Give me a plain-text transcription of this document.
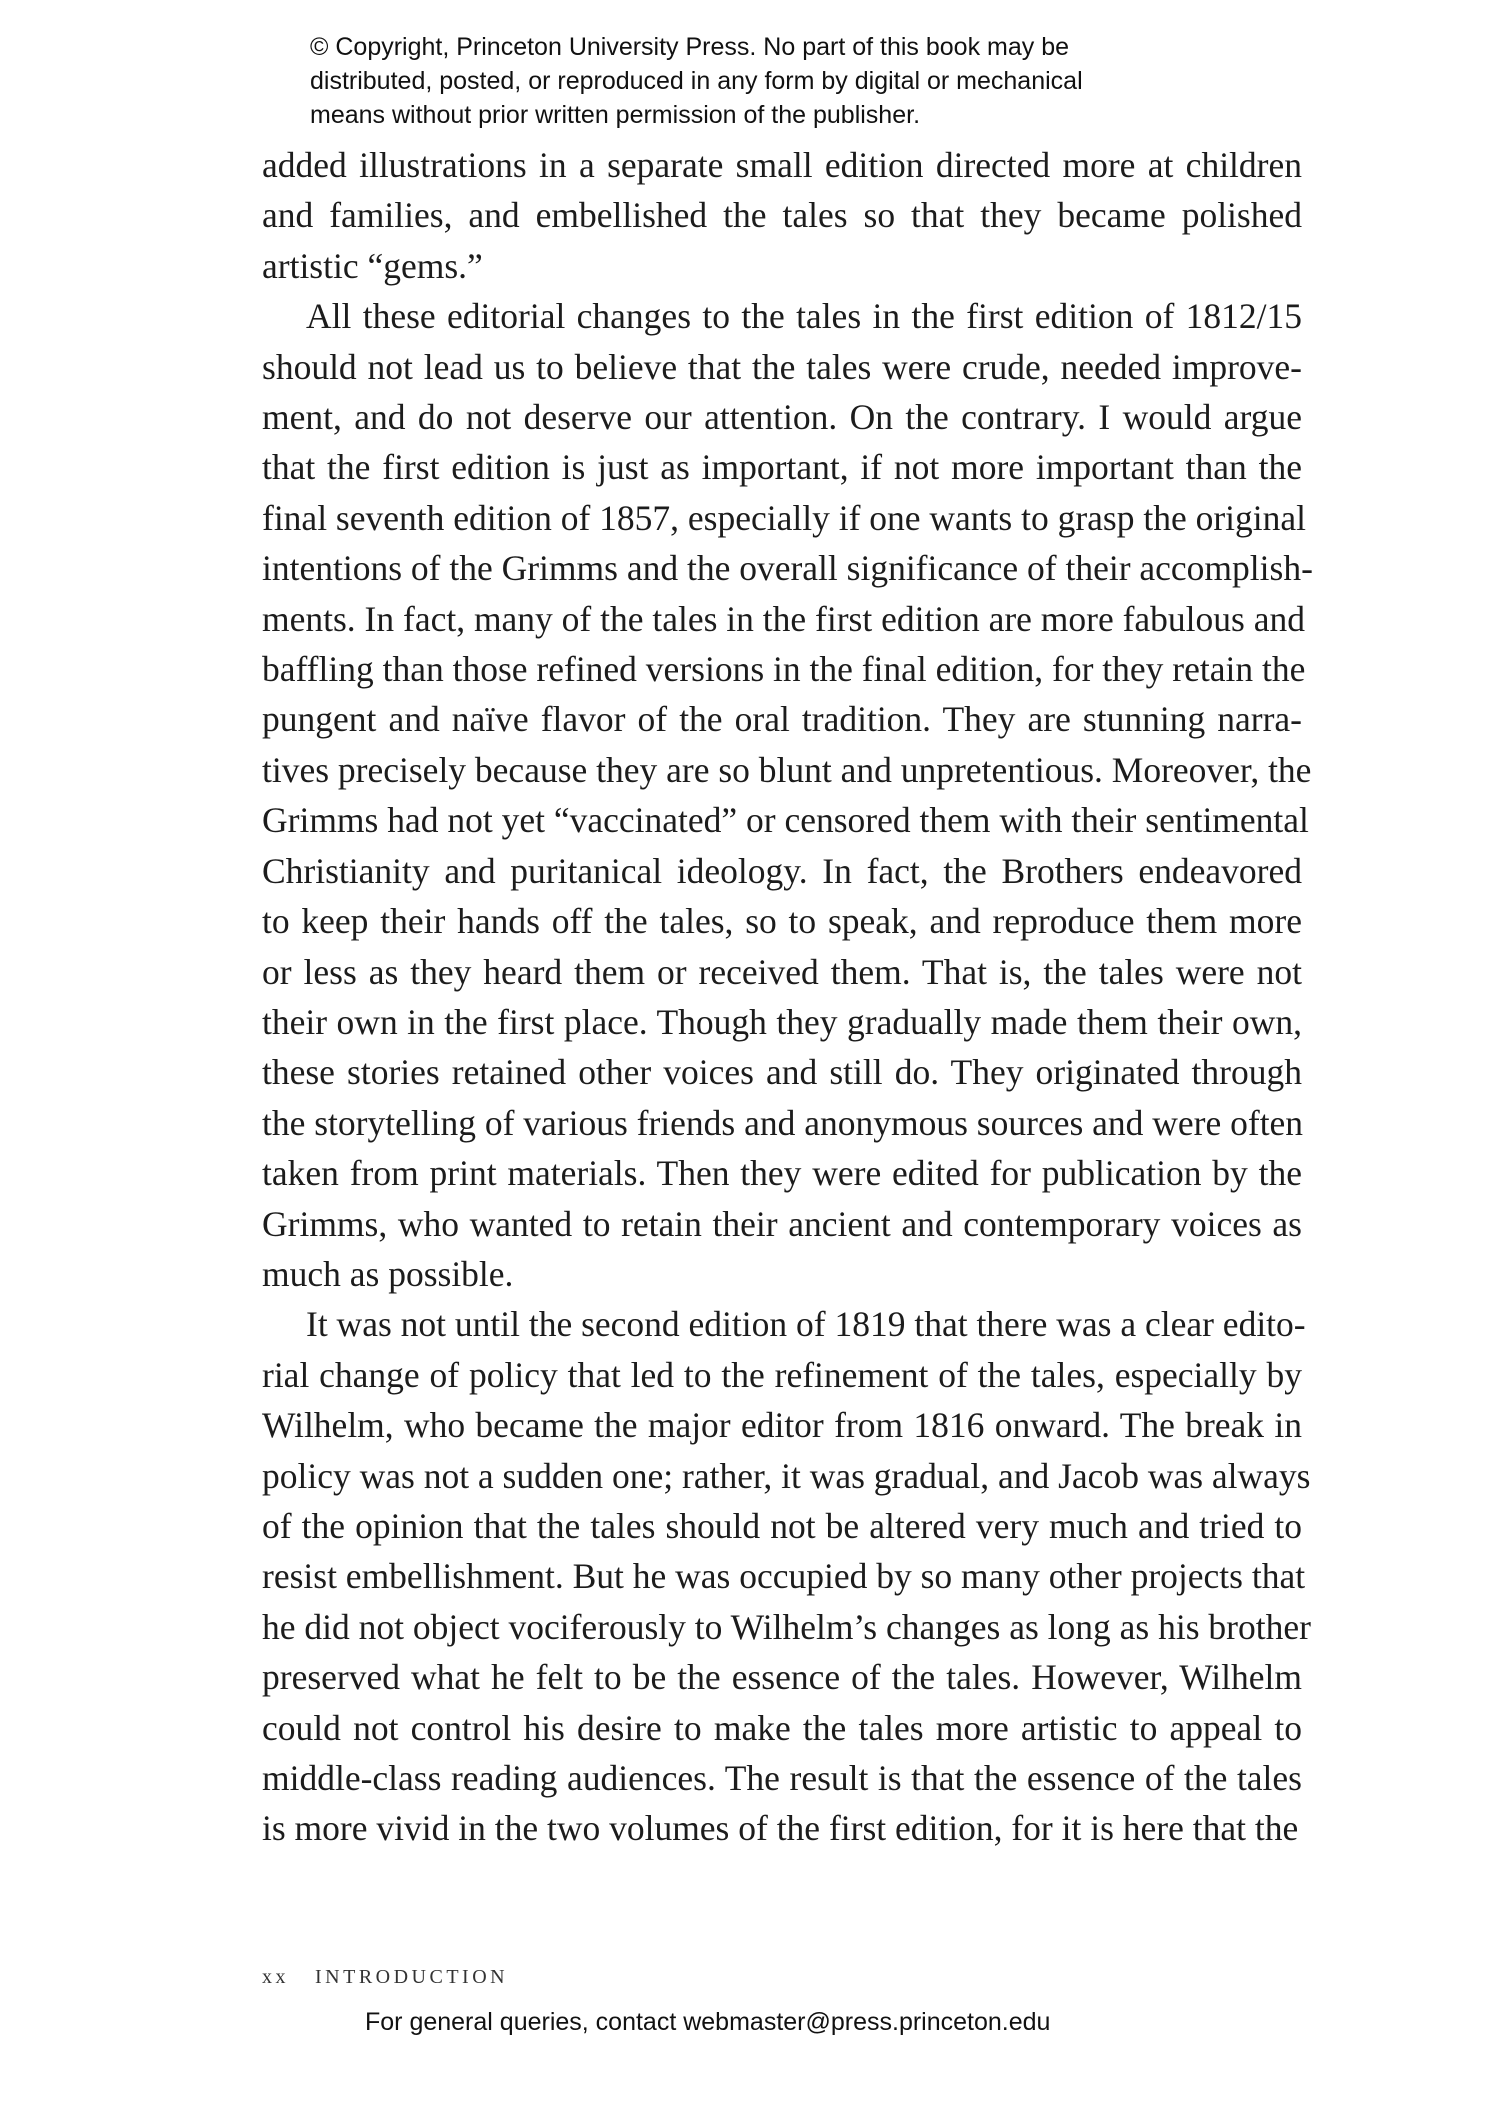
© Copyright, Princeton University Press. No part of this book may be

distributed, posted, or reproduced in any form by digital or mechanical

means without prior written permission of the publisher.

added illustrations in a separate small edition directed more at children
and families, and embellished the tales so that they became polished
artistic “gems.”
All these editorial changes to the tales in the first edition of 1812/15
should not lead us to believe that the tales were crude, needed improve-
ment, and do not deserve our attention. On the contrary. I would argue
that the first edition is just as important, if not more important than the
final seventh edition of 1857, especially if one wants to grasp the original
intentions of the Grimms and the overall significance of their accomplish-
ments. In fact, many of the tales in the first edition are more fabulous and
baffling than those refined versions in the final edition, for they retain the
pungent and naïve flavor of the oral tradition. They are stunning narra-
tives precisely because they are so blunt and unpretentious. Moreover, the
Grimms had not yet “vaccinated” or censored them with their sentimental
Christianity and puritanical ideology. In fact, the Brothers endeavored
to keep their hands off the tales, so to speak, and reproduce them more
or less as they heard them or received them. That is, the tales were not
their own in the first place. Though they gradually made them their own,
these stories retained other voices and still do. They originated through
the storytelling of various friends and anonymous sources and were often
taken from print materials. Then they were edited for publication by the
Grimms, who wanted to retain their ancient and contemporary voices as
much as possible.
It was not until the second edition of 1819 that there was a clear edito-
rial change of policy that led to the refinement of the tales, especially by
Wilhelm, who became the major editor from 1816 onward. The break in
policy was not a sudden one; rather, it was gradual, and Jacob was always
of the opinion that the tales should not be altered very much and tried to
resist embellishment. But he was occupied by so many other projects that
he did not object vociferously to Wilhelm’s changes as long as his brother
preserved what he felt to be the essence of the tales. However, Wilhelm
could not control his desire to make the tales more artistic to appeal to
middle-class reading audiences. The result is that the essence of the tales
is more vivid in the two volumes of the first edition, for it is here that the
xx INTRODUCTION
For general queries, contact webmaster@press.princeton.edu
